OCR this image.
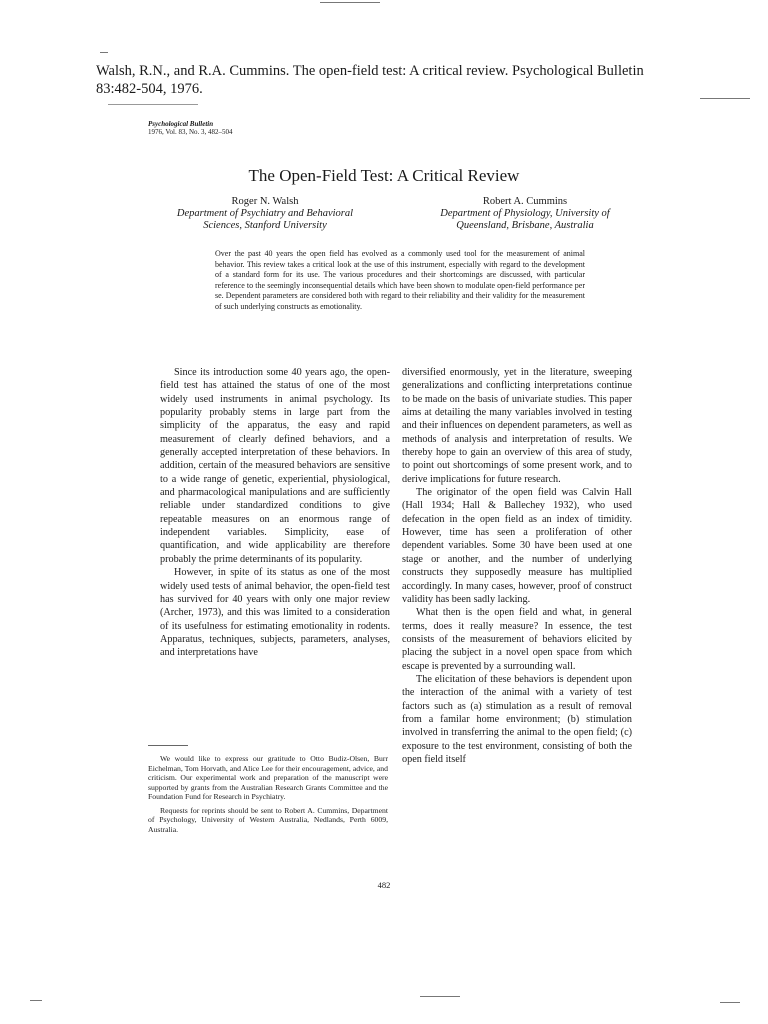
Walsh, R.N., and R.A. Cummins. The open-field test: A critical review. Psychological Bulletin
83:482-504, 1976.
Psychological Bulletin
1976, Vol. 83, No. 3, 482–504
The Open-Field Test: A Critical Review
Roger N. Walsh
Department of Psychiatry and Behavioral
Sciences, Stanford University
Robert A. Cummins
Department of Physiology, University of
Queensland, Brisbane, Australia
Over the past 40 years the open field has evolved as a commonly used tool for the measurement of animal behavior. This review takes a critical look at the use of this instrument, especially with regard to the development of a standard form for its use. The various procedures and their shortcomings are discussed, with particular reference to the seemingly inconsequential details which have been shown to modulate open-field performance per se. Dependent parameters are considered both with regard to their reliability and their validity for the measurement of such underlying constructs as emotionality.

Since its introduction some 40 years ago, the open-field test has attained the status of one of the most widely used instruments in animal psychology. Its popularity probably stems in large part from the simplicity of the apparatus, the easy and rapid measurement of clearly defined behaviors, and a generally accepted interpretation of these behaviors. In addition, certain of the measured behaviors are sensitive to a wide range of genetic, experiential, physiological, and pharmacological manipulations and are sufficiently reliable under standardized conditions to give repeatable measures on an enormous range of independent variables. Simplicity, ease of quantification, and wide applicability are therefore probably the prime determinants of its popularity.

However, in spite of its status as one of the most widely used tests of animal behavior, the open-field test has survived for 40 years with only one major review (Archer, 1973), and this was limited to a consideration of its usefulness for estimating emotionality in rodents. Apparatus, techniques, subjects, parameters, analyses, and interpretations have

diversified enormously, yet in the literature, sweeping generalizations and conflicting interpretations continue to be made on the basis of univariate studies. This paper aims at detailing the many variables involved in testing and their influences on dependent parameters, as well as methods of analysis and interpretation of results. We thereby hope to gain an overview of this area of study, to point out shortcomings of some present work, and to derive implications for future research.

The originator of the open field was Calvin Hall (Hall 1934; Hall & Ballechey 1932), who used defecation in the open field as an index of timidity. However, time has seen a proliferation of other dependent variables. Some 30 have been used at one stage or another, and the number of underlying constructs they supposedly measure has multiplied accordingly. In many cases, however, proof of construct validity has been sadly lacking.

What then is the open field and what, in general terms, does it really measure? In essence, the test consists of the measurement of behaviors elicited by placing the subject in a novel open space from which escape is prevented by a surrounding wall.

The elicitation of these behaviors is dependent upon the interaction of the animal with a variety of test factors such as (a) stimulation as a result of removal from a familar home environment; (b) stimulation involved in transferring the animal to the open field; (c) exposure to the test environment, consisting of both the open field itself

We would like to express our gratitude to Otto Budiz-Olsen, Burr Eichelman, Tom Horvath, and Alice Lee for their encouragement, advice, and criticism. Our experimental work and preparation of the manuscript were supported by grants from the Australian Research Grants Committee and the Foundation Fund for Research in Psychiatry.

Requests for reprints should be sent to Robert A. Cummins, Department of Psychology, University of Western Australia, Nedlands, Perth 6009, Australia.

482
